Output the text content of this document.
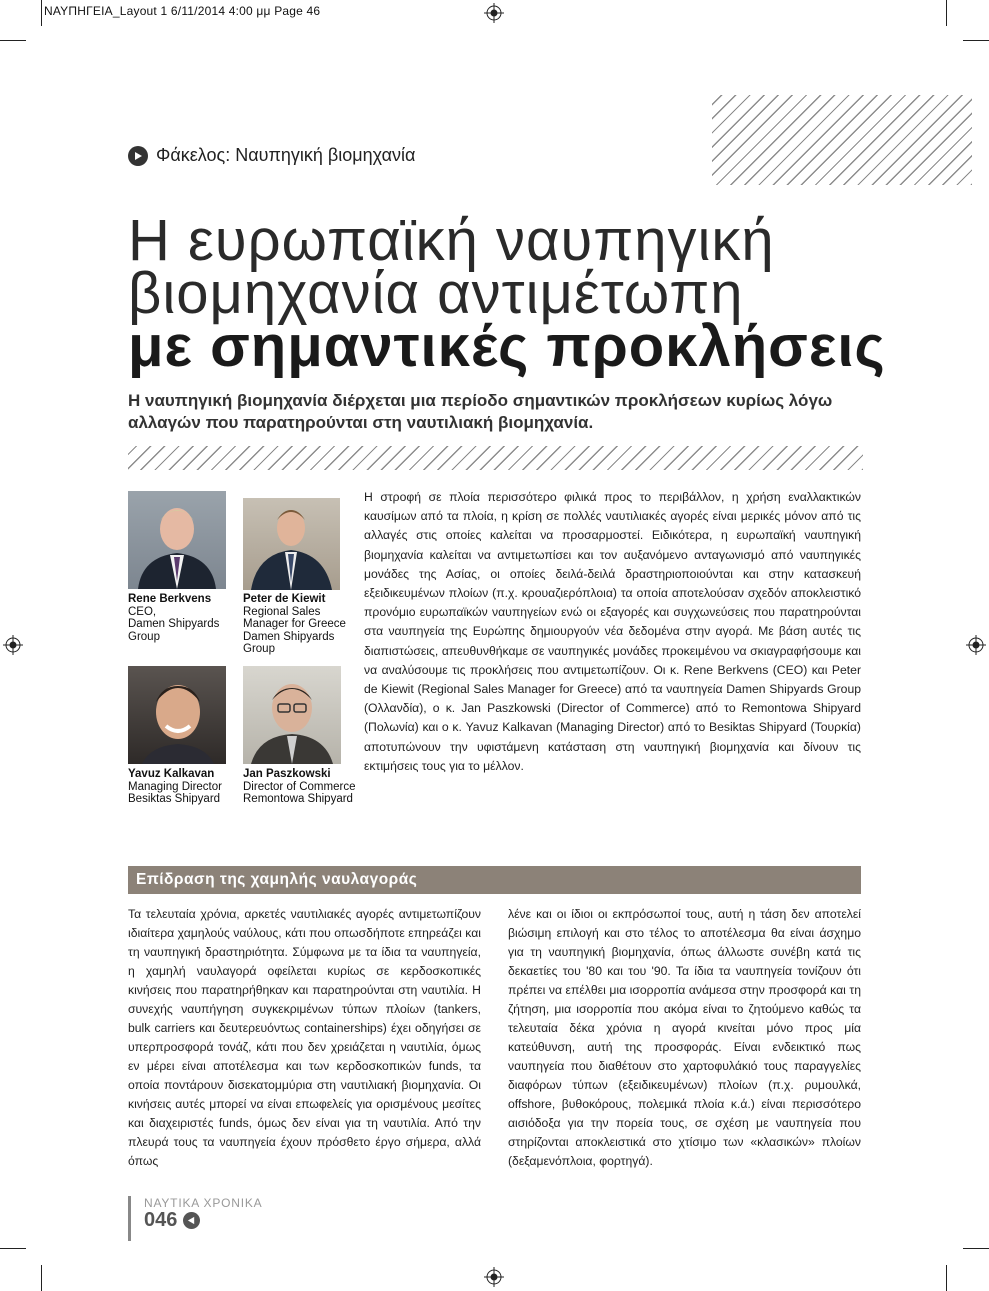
ΝΑΥΠΗΓΕΙΑ_Layout 1 6/11/2014 4:00 μμ Page 46
Φάκελος: Ναυπηγική βιομηχανία
Η ευρωπαϊκή ναυπηγική
βιομηχανία αντιμέτωπη
με σημαντικές προκλήσεις
Η ναυπηγική βιομηχανία διέρχεται μια περίοδο σημαντικών προκλήσεων κυρίως λόγω αλλαγών που παρατηρούνται στη ναυτιλιακή βιομηχανία.
Rene Berkvens
CEO,
Damen Shipyards
Group
Peter de Kiewit
Regional Sales
Manager for Greece
Damen Shipyards
Group
Yavuz Kalkavan
Managing Director
Besiktas Shipyard
Jan Paszkowski
Director of Commerce
Remontowa Shipyard
Η στροφή σε πλοία περισσότερο φιλικά προς το περιβάλλον, η χρήση εναλλακτικών καυσίμων από τα πλοία, η κρίση σε πολλές ναυτιλιακές αγορές είναι μερικές μόνον από τις αλλαγές στις οποίες καλείται να προσαρμοστεί. Ειδικότερα, η ευρωπαϊκή ναυπηγική βιομηχανία καλείται να αντιμετωπίσει και τον αυξανόμενο ανταγωνισμό από ναυπηγικές μονάδες της Ασίας, οι οποίες δειλά-δειλά δραστηριοποιούνται και στην κατασκευή εξειδικευμένων πλοίων (π.χ. κρουαζιερόπλοια) τα οποία αποτελούσαν σχεδόν αποκλειστικό προνόμιο ευρωπαϊκών ναυπηγείων ενώ οι εξαγορές και συγχωνεύσεις που παρατηρούνται στα ναυπηγεία της Ευρώπης δημιουργούν νέα δεδομένα στην αγορά. Με βάση αυτές τις διαπιστώσεις, απευθυνθήκαμε σε ναυπηγικές μονάδες προκειμένου να σκιαγραφήσουμε και να αναλύσουμε τις προκλήσεις που αντιμετωπίζουν. Οι κ. Rene Berkvens (CEO) και Peter de Kiewit (Regional Sales Manager for Greece) από τα ναυπηγεία Damen Shipyards Group (Ολλανδία), ο κ. Jan Paszkowski (Director of Commerce) από το Remontowa Shipyard (Πολωνία) και ο κ. Yavuz Kalkavan (Managing Director) από το Besiktas Shipyard (Τουρκία) αποτυπώνουν την υφιστάμενη κατάσταση στη ναυπηγική βιομηχανία και δίνουν τις εκτιμήσεις τους για το μέλλον.
Επίδραση της χαμηλής ναυλαγοράς
Τα τελευταία χρόνια, αρκετές ναυτιλιακές αγορές αντιμετωπίζουν ιδιαίτερα χαμηλούς ναύλους, κάτι που οπωσδήποτε επηρεάζει και τη ναυπηγική δραστηριότητα. Σύμφωνα με τα ίδια τα ναυπηγεία, η χαμηλή ναυλαγορά οφείλεται κυρίως σε κερδοσκοπικές κινήσεις που παρατηρήθηκαν και παρατηρούνται στη ναυτιλία. Η συνεχής ναυπήγηση συγκεκριμένων τύπων πλοίων (tankers, bulk carriers και δευτερευόντως containerships) έχει οδηγήσει σε υπερπροσφορά τονάζ, κάτι που δεν χρειάζεται η ναυτιλία, όμως εν μέρει είναι αποτέλεσμα και των κερδοσκοπικών funds, τα οποία ποντάρουν δισεκατομμύρια στη ναυτιλιακή βιομηχανία. Οι κινήσεις αυτές μπορεί να είναι επωφελείς για ορισμένους μεσίτες και διαχειριστές funds, όμως δεν είναι για τη ναυτιλία. Από την πλευρά τους τα ναυπηγεία έχουν πρόσθετο έργο σήμερα, αλλά όπως
λένε και οι ίδιοι οι εκπρόσωποί τους, αυτή η τάση δεν αποτελεί βιώσιμη επιλογή και στο τέλος το αποτέλεσμα θα είναι άσχημο για τη ναυπηγική βιομηχανία, όπως άλλωστε συνέβη κατά τις δεκαετίες του '80 και του '90. Τα ίδια τα ναυπηγεία τονίζουν ότι πρέπει να επέλθει μια ισορροπία ανάμεσα στην προσφορά και τη ζήτηση, μια ισορροπία που ακόμα είναι το ζητούμενο καθώς τα τελευταία δέκα χρόνια η αγορά κινείται μόνο προς μία κατεύθυνση, αυτή της προσφοράς. Είναι ενδεικτικό πως ναυπηγεία που διαθέτουν στο χαρτοφυλάκιό τους παραγγελίες διαφόρων τύπων (εξειδικευμένων) πλοίων (π.χ. ρυμουλκά, offshore, βυθοκόρους, πολεμικά πλοία κ.ά.) είναι περισσότερο αισιόδοξα για την πορεία τους, σε σχέση με ναυπηγεία που στηρίζονται αποκλειστικά στο χτίσιμο των «κλασικών» πλοίων (δεξαμενόπλοια, φορτηγά).
ΝΑΥΤΙΚΑ ΧΡΟΝΙΚΑ
046
